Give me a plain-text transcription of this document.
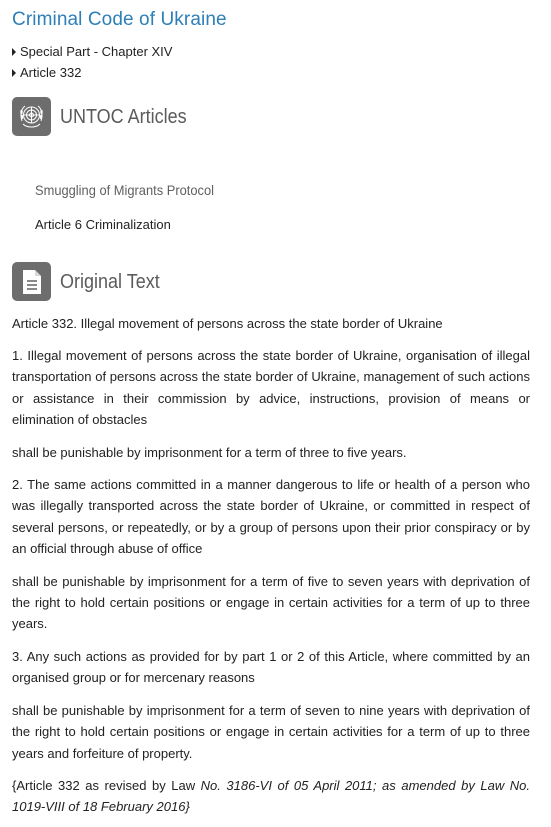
Criminal Code of Ukraine
Special Part - Chapter XIV
Article 332
UNTOC Articles
Smuggling of Migrants Protocol
Article 6 Criminalization
Original Text
Article 332. Illegal movement of persons across the state border of Ukraine

1. Illegal movement of persons across the state border of Ukraine, organisation of illegal transportation of persons across the state border of Ukraine, management of such actions or assistance in their commission by advice, instructions, provision of means or elimination of obstacles

shall be punishable by imprisonment for a term of three to five years.

2. The same actions committed in a manner dangerous to life or health of a person who was illegally transported across the state border of Ukraine, or committed in respect of several persons, or repeatedly, or by a group of persons upon their prior conspiracy or by an official through abuse of office

shall be punishable by imprisonment for a term of five to seven years with deprivation of the right to hold certain positions or engage in certain activities for a term of up to three years.

3. Any such actions as provided for by part 1 or 2 of this Article, where committed by an organised group or for mercenary reasons

shall be punishable by imprisonment for a term of seven to nine years with deprivation of the right to hold certain positions or engage in certain activities for a term of up to three years and forfeiture of property.

{Article 332 as revised by Law No. 3186-VI of 05 April 2011; as amended by Law No. 1019-VIII of 18 February 2016}
